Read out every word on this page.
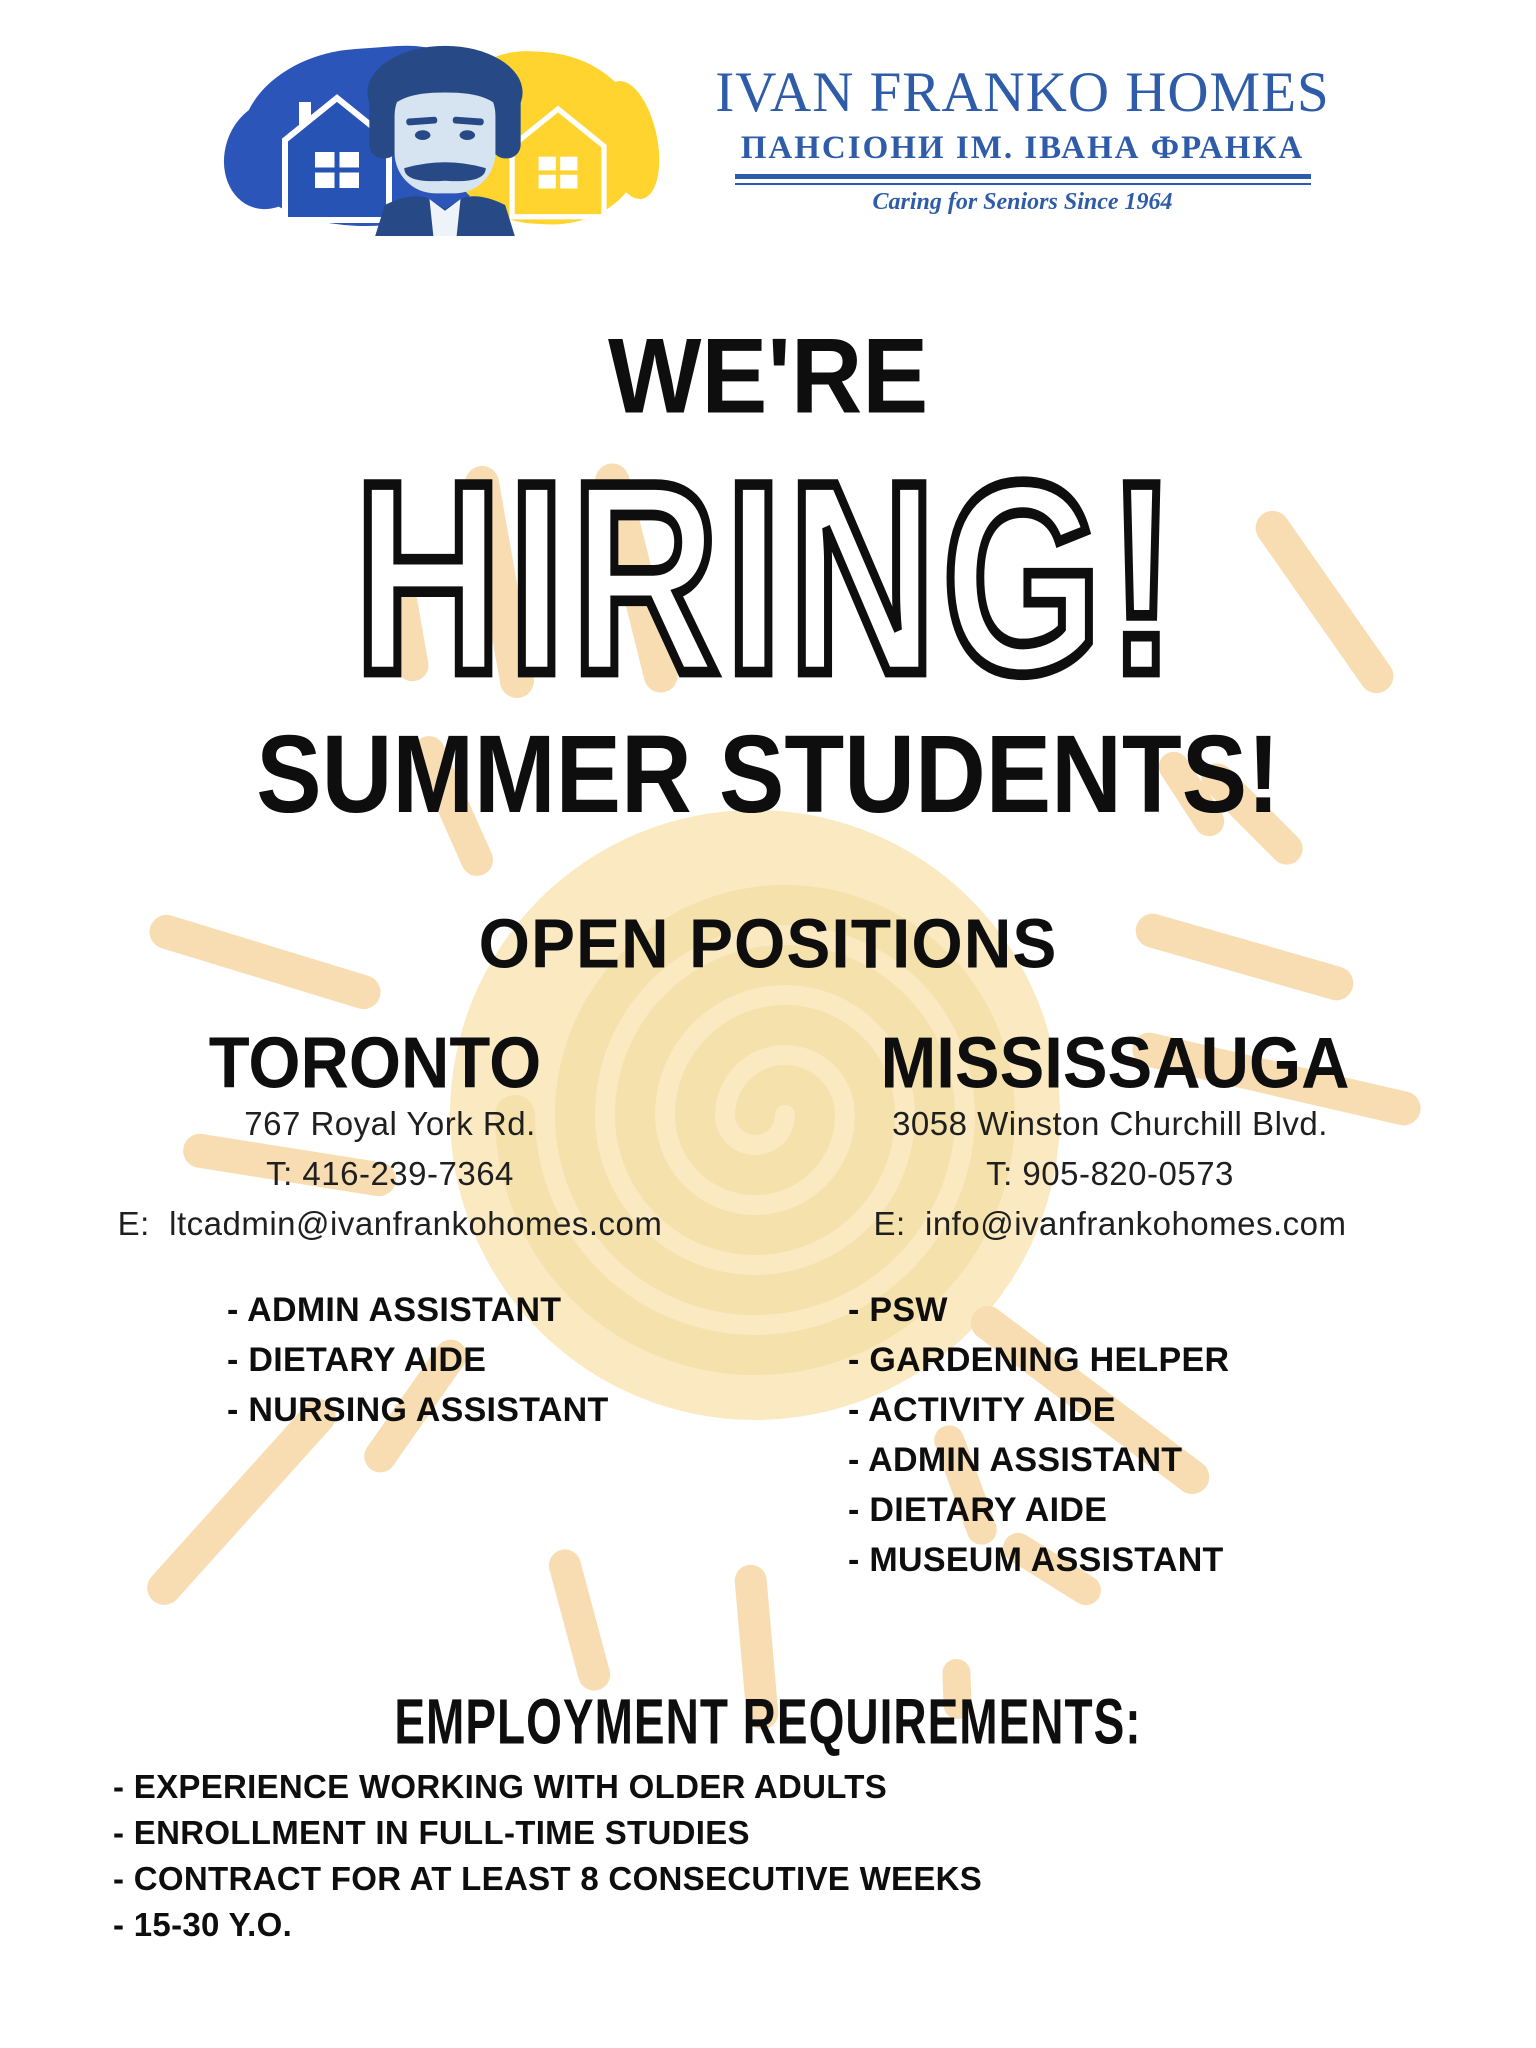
IVAN FRANKO HOMES
ПАНСІОНИ ІМ. ІВАНА ФРАНКА
Caring for Seniors Since 1964
WE'RE
HIRING!
SUMMER STUDENTS!
OPEN POSITIONS
TORONTO	MISSISSAUGA
767 Royal York Rd.
T: 416-239-7364
E:  ltcadmin@ivanfrankohomes.com
3058 Winston Churchill Blvd.
T: 905-820-0573
E:  info@ivanfrankohomes.com
- ADMIN ASSISTANT
- DIETARY AIDE
- NURSING ASSISTANT
- PSW
- GARDENING HELPER
- ACTIVITY AIDE
- ADMIN ASSISTANT
- DIETARY AIDE
- MUSEUM ASSISTANT
EMPLOYMENT REQUIREMENTS:
- EXPERIENCE WORKING WITH OLDER ADULTS
- ENROLLMENT IN FULL-TIME STUDIES
- CONTRACT FOR AT LEAST 8 CONSECUTIVE WEEKS
- 15-30 Y.O.
